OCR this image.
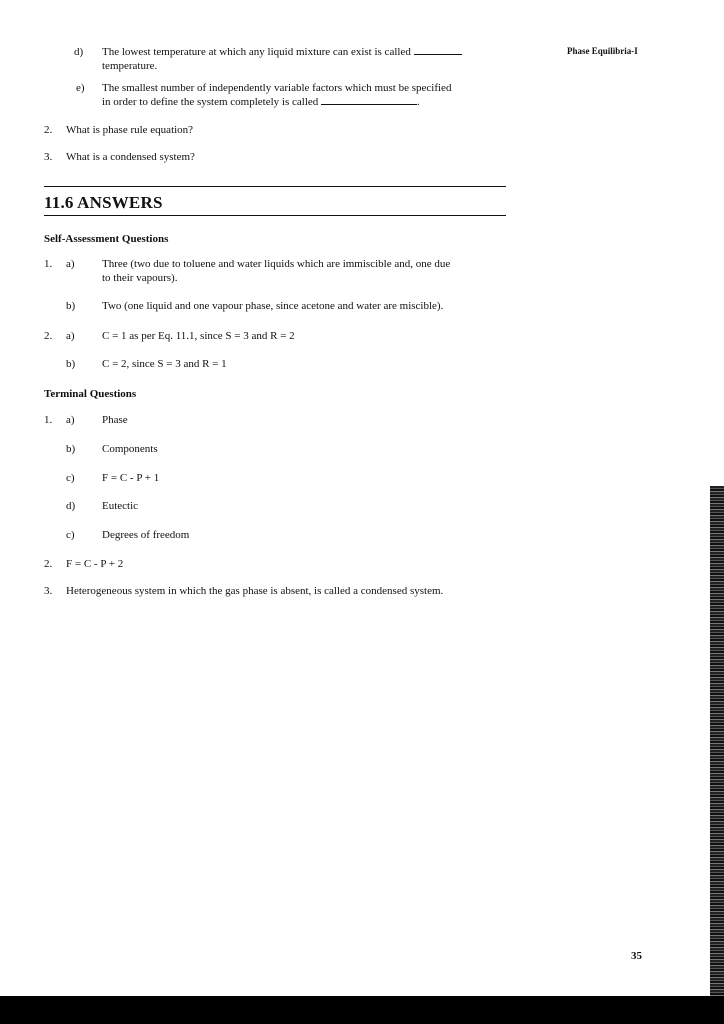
Phase Equilibria-I
d) The lowest temperature at which any liquid mixture can exist is called
temperature.
e) The smallest number of independently variable factors which must be specified
in order to define the system completely is called	.
2. What is phase rule equation?
3. What is a condensed system?
11.6 ANSWERS
Self-Assessment Questions
1. a) Three (two due to toluene and water liquids which are immiscible and, one due
to their vapours).
b) Two (one liquid and one vapour phase, since acetone and water are miscible).
2. a) C = 1 as per Eq. 11.1, since S = 3 and R = 2
b) C = 2, since S = 3 and R = 1
Terminal Questions
1. a) Phase
b) Components
c) F = C - P + 1
d) Eutectic
c) Degrees of freedom
2. F = C - P + 2
3. Heterogeneous system in which the gas phase is absent, is called a condensed system.
35
